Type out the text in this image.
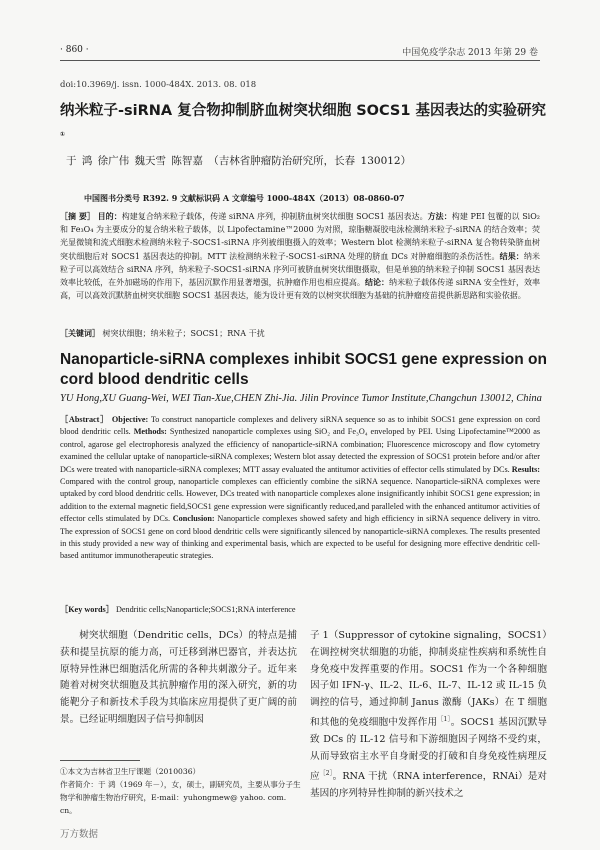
· 860 ·	中国免疫学杂志 2013 年第 29 卷
doi:10.3969/j. issn. 1000-484X. 2013. 08. 018
纳米粒子-siRNA 复合物抑制脐血树突状细胞 SOCS1 基因表达的实验研究①
于 鸿 徐广伟 魏天雪 陈智嘉 （吉林省肿瘤防治研究所，长春 130012）
中国图书分类号 R392. 9 文献标识码 A 文章编号 1000-484X（2013）08-0860-07
［摘 要］ 目的：构建复合纳米粒子载体，传递 siRNA 序列，抑制脐血树突状细胞 SOCS1 基因表达。方法：构建 PEI 包覆的以 SiO₂ 和 Fe₃O₄ 为主要成分的复合纳米粒子载体，以 Lipofectamine™2000 为对照，琼脂糖凝胶电泳检测纳米粒子-siRNA 的结合效率；荧光显微镜和流式细胞术检测纳米粒子-SOCS1-siRNA 序列被细胞摄入的效率；Western blot 检测纳米粒子-siRNA 复合物转染脐血树突状细胞后对 SOCS1 基因表达的抑制。MTT 法检测纳米粒子-SOCS1-siRNA 处理的脐血 DCs 对肿瘤细胞的杀伤活性。结果：纳米粒子可以高效结合 siRNA 序列，纳米粒子-SOCS1-siRNA 序列可被脐血树突状细胞摄取，但是单独的纳米粒子抑制 SOCS1 基因表达效率比较低，在外加磁场的作用下，基因沉默作用显著增强，抗肿瘤作用也相应提高。结论：纳米粒子载体传递 siRNA 安全性好，效率高，可以高效沉默脐血树突状细胞 SOCS1 基因表达，能为设计更有效的以树突状细胞为基础的抗肿瘤疫苗提供新思路和实验依据。
［关键词］ 树突状细胞；纳米粒子；SOCS1；RNA 干扰
Nanoparticle-siRNA complexes inhibit SOCS1 gene expression on cord blood dendritic cells
YU Hong,XU Guang-Wei, WEI Tian-Xue,CHEN Zhi-Jia. Jilin Province Tumor Institute,Changchun 130012, China
［Abstract］ Objective: To construct nanoparticle complexes and delivery siRNA sequence so as to inhibit SOCS1 gene expression on cord blood dendritic cells. Methods: Synthesized nanoparticle complexes using SiO₂ and Fe₃O₄ enveloped by PEI. Using Lipofectamine™2000 as control, agarose gel electrophoresis analyzed the efficiency of nanoparticle-siRNA combination; Fluorescence microscopy and flow cytometry examined the cellular uptake of nanoparticle-siRNA complexes; Western blot assay detected the expression of SOCS1 protein before and/or after DCs were treated with nanoparticle-siRNA complexes; MTT assay evaluated the antitumor activities of effector cells stimulated by DCs. Results: Compared with the control group, nanoparticle complexes can efficiently combine the siRNA sequence. Nanoparticle-siRNA complexes were uptaked by cord blood dendritic cells. However, DCs treated with nanoparticle complexes alone insignificantly inhibit SOCS1 gene expression; in addition to the external magnetic field,SOCS1 gene expression were significantly reduced,and paralleled with the enhanced antitumor activities of effector cells stimulated by DCs. Conclusion: Nanoparticle complexes showed safety and high efficiency in siRNA sequence delivery in vitro. The expression of SOCS1 gene on cord blood dendritic cells were significantly silenced by nanoparticle-siRNA complexes. The results presented in this study provided a new way of thinking and experimental basis, which are expected to be useful for designing more effective dendritic cell-based antitumor immunotherapeutic strategies.
［Key words］ Dendritic cells;Nanoparticle;SOCS1;RNA interference
树突状细胞（Dendritic cells，DCs）的特点是捕获和提呈抗原的能力高，可迁移到淋巴器官，并表达抗原特异性淋巴细胞活化所需的各种共刺激分子。近年来随着对树突状细胞及其抗肿瘤作用的深入研究，新的功能靶分子和新技术手段为其临床应用提供了更广阔的前景。已经证明细胞因子信号抑制因

子 1（Suppressor of cytokine signaling，SOCS1）在调控树突状细胞的功能，抑制炎症性疾病和系统性自身免疫中发挥重要的作用。SOCS1 作为一个各种细胞因子如 IFN-γ、IL-2、IL-6、IL-7、IL-12 或 IL-15 负调控的信号，通过抑制 Janus 激酶（JAKs）在 T 细胞和其他的免疫细胞中发挥作用$^{[1]}$。SOCS1 基因沉默导致 DCs 的 IL-12 信号和下游细胞因子网络不受约束，从而导致宿主水平自身耐受的打破和自身免疫性病理反应$^{[2]}$。RNA 干扰（RNA interference，RNAi）是对基因的序列特异性抑制的新兴技术之

①本文为吉林省卫生厅课题（2010036）
作者简介：于 鸿（1969 年－），女，硕士，副研究员，主要从事分子生物学和肿瘤生物治疗研究，E-mail：yuhongmew@ yahoo. com. cn。
万方数据
